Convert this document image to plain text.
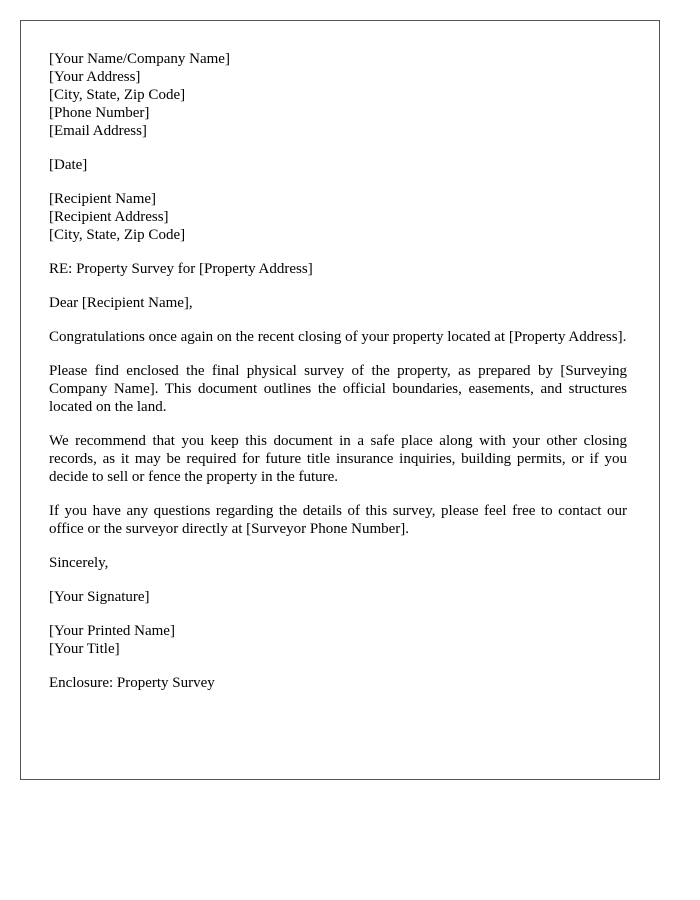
[Your Name/Company Name]
[Your Address]
[City, State, Zip Code]
[Phone Number]
[Email Address]
[Date]
[Recipient Name]
[Recipient Address]
[City, State, Zip Code]
RE: Property Survey for [Property Address]
Dear [Recipient Name],

Congratulations once again on the recent closing of your property located at [Property Address].

Please find enclosed the final physical survey of the property, as prepared by [Surveying Company Name]. This document outlines the official boundaries, easements, and structures located on the land.

We recommend that you keep this document in a safe place along with your other closing records, as it may be required for future title insurance inquiries, building permits, or if you decide to sell or fence the property in the future.

If you have any questions regarding the details of this survey, please feel free to contact our office or the surveyor directly at [Surveyor Phone Number].

Sincerely,
[Your Signature]
[Your Printed Name]
[Your Title]
Enclosure: Property Survey
